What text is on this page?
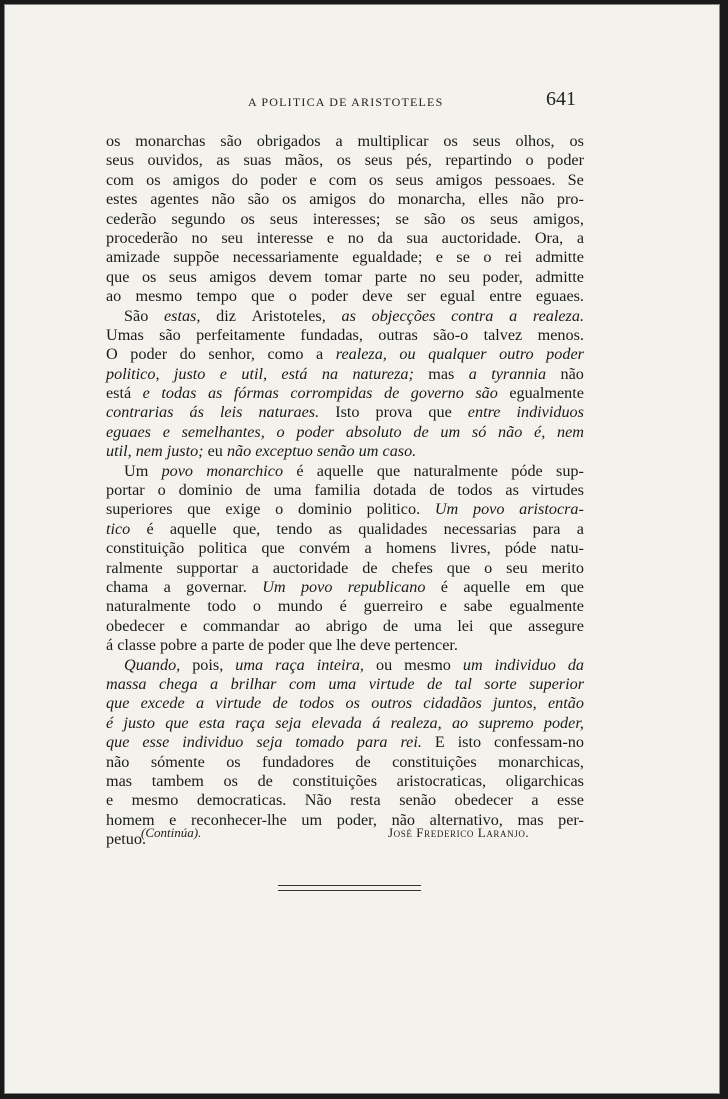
A POLITICA DE ARISTOTELES	641
os monarchas são obrigados a multiplicar os seus olhos, os
seus ouvidos, as suas mãos, os seus pés, repartindo o poder
com os amigos do poder e com os seus amigos pessoaes. Se
estes agentes não são os amigos do monarcha, elles não pro-
cederão segundo os seus interesses; se são os seus amigos,
procederão no seu interesse e no da sua auctoridade. Ora, a
amizade suppõe necessariamente egualdade; e se o rei admitte
que os seus amigos devem tomar parte no seu poder, admitte
ao mesmo tempo que o poder deve ser egual entre eguaes.
São estas, diz Aristoteles, as objecções contra a realeza.
Umas são perfeitamente fundadas, outras são-o talvez menos.
O poder do senhor, como a realeza, ou qualquer outro poder
politico, justo e util, está na natureza; mas a tyrannia não
está e todas as fórmas corrompidas de governo são egualmente
contrarias ás leis naturaes. Isto prova que entre individuos
eguaes e semelhantes, o poder absoluto de um só não é, nem
util,
nem
justo;
eu
não
exceptuo
senão
um
caso.
Um povo monarchico é aquelle que naturalmente póde sup-
portar o dominio de uma familia dotada de todos as virtudes
superiores que exige o dominio politico. Um povo aristocra-
tico é aquelle que, tendo as qualidades necessarias para a
constituição politica que convém a homens livres, póde natu-
ralmente supportar a auctoridade de chefes que o seu merito
chama a governar. Um povo republicano é aquelle em que
naturalmente todo o mundo é guerreiro e sabe egualmente
obedecer e commandar ao abrigo de uma lei que assegure
á
classe
pobre
a
parte
de
poder
que
lhe
deve
pertencer.
Quando, pois, uma raça inteira, ou mesmo um individuo da
massa chega a brilhar com uma virtude de tal sorte superior
que excede a virtude de todos os outros cidadãos juntos, então
é justo que esta raça seja elevada á realeza, ao supremo poder,
que esse individuo seja tomado para rei. E isto confessam-no
não sómente os fundadores de constituições monarchicas,
mas tambem os de constituições aristocraticas, oligarchicas
e mesmo democraticas. Não resta senão obedecer a esse
homem e reconhecer-lhe um poder, não alternativo, mas per-
petuo.
(Continúa).	José Frederico Laranjo.
